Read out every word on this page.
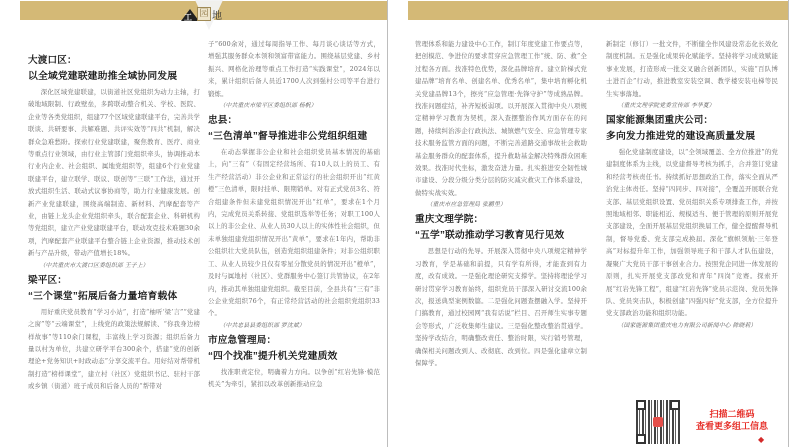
工 园 地
大渡口区：
以全域党建联建助推全域协同发展

深化区域党建联建，以街道社区党组织为动力主轴，打破地域限制、行政壁垒，多跨联动整合机关、学校、医院、企业等各类党组织，组建77个区域党建联建平台，完善共学联谈、共研要事、共解难题、共评实效等“四共”机制，解决群众急难愁盼。探索行业党建联建，聚焦教育、医疗、商业等重点行业领域，由行业主管部门党组织牵头，协调推动本行业内企业、社会组织、属地党组织等，组建6个行业党建联建平台，建立联学、联议、联创等“三联”工作法，通过开放式组织生活、联动式议事协商等，助力行业健康发展。创新产业党建联建，围绕高端制造、新材料、汽摩配套等产业，由链上龙头企业党组织牵头，联合配套企业、科研机构等党组织，建立产业党建联建平台，联动攻克技术难题30余项，汽摩配套产业联建平台整合链上企业资源，推动技术创新与产品升级，带动产值增长18%。

（中共重庆市大渡口区委组织部 王子上）

梁平区：
“三个课堂”拓展后备力量培育载体

用好重庆党员教育“学习小站”，打造“柚听‘梁’言”“党建之窗”等“云端课堂”，上线党的政策法规解读、“你我身边榜样故事”等110余门课程，丰富线上学习资源；组织后备力量以村为单位，共建立研学平台300余个，搭建“党的创新理论+党务知识+时政动态”分享交流平台。用好结对帮带机制打造“榜样课堂”，建立村（社区）党组织书记、驻村干部或乡镇（街道）班子成员和后备人员的“帮带对

子”600余对，通过每周指导工作、每月谈心谈话等方式，增强其服务群众本领和领富带富能力。围绕基层党建、乡村振兴、网格化治理等重点工作打造“实践课堂”，2024年以来，累计组织后备人员近1700人次到强村公司等平台进行锻炼。

（中共重庆市梁平区委组织部 杨帆）

忠县：
“三色清单”督导推进非公党组织组建

在动态掌握非公企业和社会组织党员基本情况的基础上，向“三有”（有固定经营场所、有10人以上的员工、有生产经营活动）非公企业和正常运行的社会组织开出“红黄橙”三色清单，限时挂单、限期销单。对有正式党员3名、符合组建条件但未建党组织情况开出“红单”，要求在1个月内，完成党员关系转接、党组织选举等任务；对职工100人以上的非公企业、从业人员30人以上的实体性社会组织，但未单独组建党组织情况开出“黄单”，要求在1年内，帮助非公组织壮大党员队伍，创造党组织组建条件；对非公组织职工、从业人员较少且仅有零星分散党员的情况开出“橙单”，及时与属地村（社区）、党群服务中心签订共管协议，在2年内，推动其单独组建党组织。截至目前，全县共有“三有”非公企业党组织76个，有正常经营活动的社会组织党组织33个。

（中共忠县县委组织部 罗沈斌）

市应急管理局：
“四个找准”提升机关党建质效

找准职责定位，明确着力方向。以争创“红岩先锋·模范机关”为牵引，紧扣以改革创新推动应急

管理体系和能力建设中心工作，制订年度党建工作要点等，把创模范、争进位的要求贯穿应急管理工作“统、防、救”全过程各方面。找准特色优势，深化品牌培育。建立阶梯式党建品牌“培育名单、创建名单、优秀名单”，集中培育孵化机关党建品牌13个，擦亮“应急管理·先锋守护”等成熟品牌。找准问题症结，补齐短板弱项。以开展深入贯彻中央八项规定精神学习教育为契机，深入查摆整治作风方面存在的问题，持续纠治涉企行政执法、城镇燃气安全、应急管理专家技术服务监管方面的问题，不断完善道路交通事故社会救助基金服务群众的配套体系，提升救助基金解决特殊群众困难效果。找准时代坐标，激发奋进力量。扎实推进安全韧性城市建设、分段分级分类分层的防灾减灾救灾工作体系建设，做特实战实效。

（重庆市应急管理局 张鹏里）

重庆文理学院：
“五学”联动推动学习教育见行见效

思想是行动的先导。开展深入贯彻中央八项规定精神学习教育，学是基础和前提，只有学有所得，才能查到有力度，改有成效。一是强化理论研究支撑学。坚持将理论学习研讨贯穿学习教育始终，组织党员干部深入研讨交流100余次，报送典型案例数篇。二是强化问题查摆融入学。坚持开门搞教育，通过校园网“我有话说”栏目、召开师生实事专题会等形式，广泛收集师生建议。三是强化整改整治贯通学。坚持学改结合，明确整改责任、整治时限，实行销号管理，确保相关问题改到人、改彻底、改到位。四是强化建章立制保障学。

新制定（修订）一批文件，不断健全作风建设常态化长效化制度机制。五是强化成果转化赋能学。坚持将学习成效赋能事业发展，打造形成一批交叉融合创新团队，实施“百队博士进百企”行动，推进教室安装空调、教学楼安装电梯等民生实事落地。

（重庆文理学院党委宣传部 李华夏）

国家能源集团重庆公司：
多向发力推进党的建设高质量发展

强化党建制度建设，以“全领域覆盖、全方位推进”的党建制度体系为主线，以党建督导考核为抓手，合并签订党建和经营考核责任书。持续抓好思想政治工作，落实全面从严治党主体责任。坚持“四同步、四对接”，全覆盖开展联合党支部、基层党组织设置、党员组织关系专项排查工作，并按照地域相邻、职能相近、规模适当、便于管理的原则开展党支部建设，全面开展基层党组织换届工作，健全提醒督导机制，督导党委、党支部完成换届。深化“旗帜领航·三年登高”对标提升年工作，加强领导班子和干部人才队伍建设，凝聚广大党员干部干事创业合力。按照党企同进一体发展的原则，扎实开展党支部改党和青年“四岗”竞赛。探索开展“红岩先锋工程”，组建“红岩先锋”党员示范岗、党员先锋队、党员突击队，积极创建“四强四好”党支部，全方位提升党支部政治功能和组织功能。

（国家能源集团重庆电力有限公司新闻中心 陈晓莉）

扫描二维码
查看更多组工信息
◆
